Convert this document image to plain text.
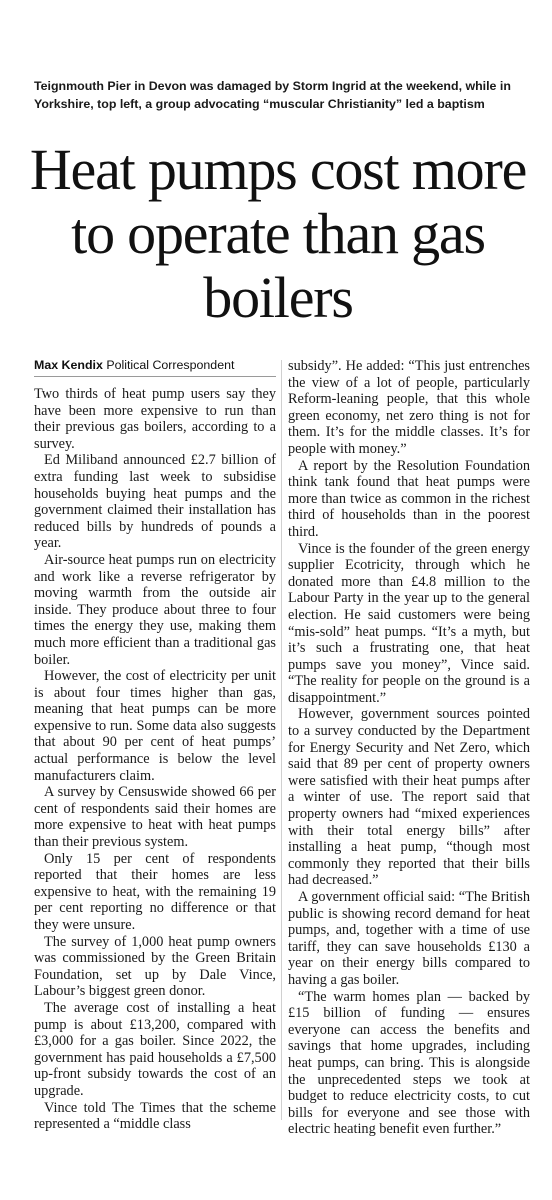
Teignmouth Pier in Devon was damaged by Storm Ingrid at the weekend, while in Yorkshire, top left, a group advocating “muscular Christianity” led a baptism
Heat pumps cost more to operate than gas boilers
Max Kendix Political Correspondent

Two thirds of heat pump users say they have been more expensive to run than their previous gas boilers, according to a survey.

Ed Miliband announced £2.7 billion of extra funding last week to subsidise households buying heat pumps and the government claimed their installation has reduced bills by hundreds of pounds a year.

Air-source heat pumps run on electricity and work like a reverse refrigerator by moving warmth from the outside air inside. They produce about three to four times the energy they use, making them much more efficient than a traditional gas boiler.

However, the cost of electricity per unit is about four times higher than gas, meaning that heat pumps can be more expensive to run. Some data also suggests that about 90 per cent of heat pumps’ actual performance is below the level manufacturers claim.

A survey by Censuswide showed 66 per cent of respondents said their homes are more expensive to heat with heat pumps than their previous system.

Only 15 per cent of respondents reported that their homes are less expensive to heat, with the remaining 19 per cent reporting no difference or that they were unsure.

The survey of 1,000 heat pump owners was commissioned by the Green Britain Foundation, set up by Dale Vince, Labour’s biggest green donor.

The average cost of installing a heat pump is about £13,200, compared with £3,000 for a gas boiler. Since 2022, the government has paid households a £7,500 up-front subsidy towards the cost of an upgrade.

Vince told The Times that the scheme represented a “middle class

subsidy”. He added: “This just entrenches the view of a lot of people, particularly Reform-leaning people, that this whole green economy, net zero thing is not for them. It’s for the middle classes. It’s for people with money.”

A report by the Resolution Foundation think tank found that heat pumps were more than twice as common in the richest third of households than in the poorest third.

Vince is the founder of the green energy supplier Ecotricity, through which he donated more than £4.8 million to the Labour Party in the year up to the general election. He said customers were being “mis-sold” heat pumps. “It’s a myth, but it’s such a frustrating one, that heat pumps save you money”, Vince said. “The reality for people on the ground is a disappointment.”

However, government sources pointed to a survey conducted by the Department for Energy Security and Net Zero, which said that 89 per cent of property owners were satisfied with their heat pumps after a winter of use. The report said that property owners had “mixed experiences with their total energy bills” after installing a heat pump, “though most commonly they reported that their bills had decreased.”

A government official said: “The British public is showing record demand for heat pumps, and, together with a time of use tariff, they can save households £130 a year on their energy bills compared to having a gas boiler.

“The warm homes plan — backed by £15 billion of funding — ensures everyone can access the benefits and savings that home upgrades, including heat pumps, can bring. This is alongside the unprecedented steps we took at budget to reduce electricity costs, to cut bills for everyone and see those with electric heating benefit even further.”
